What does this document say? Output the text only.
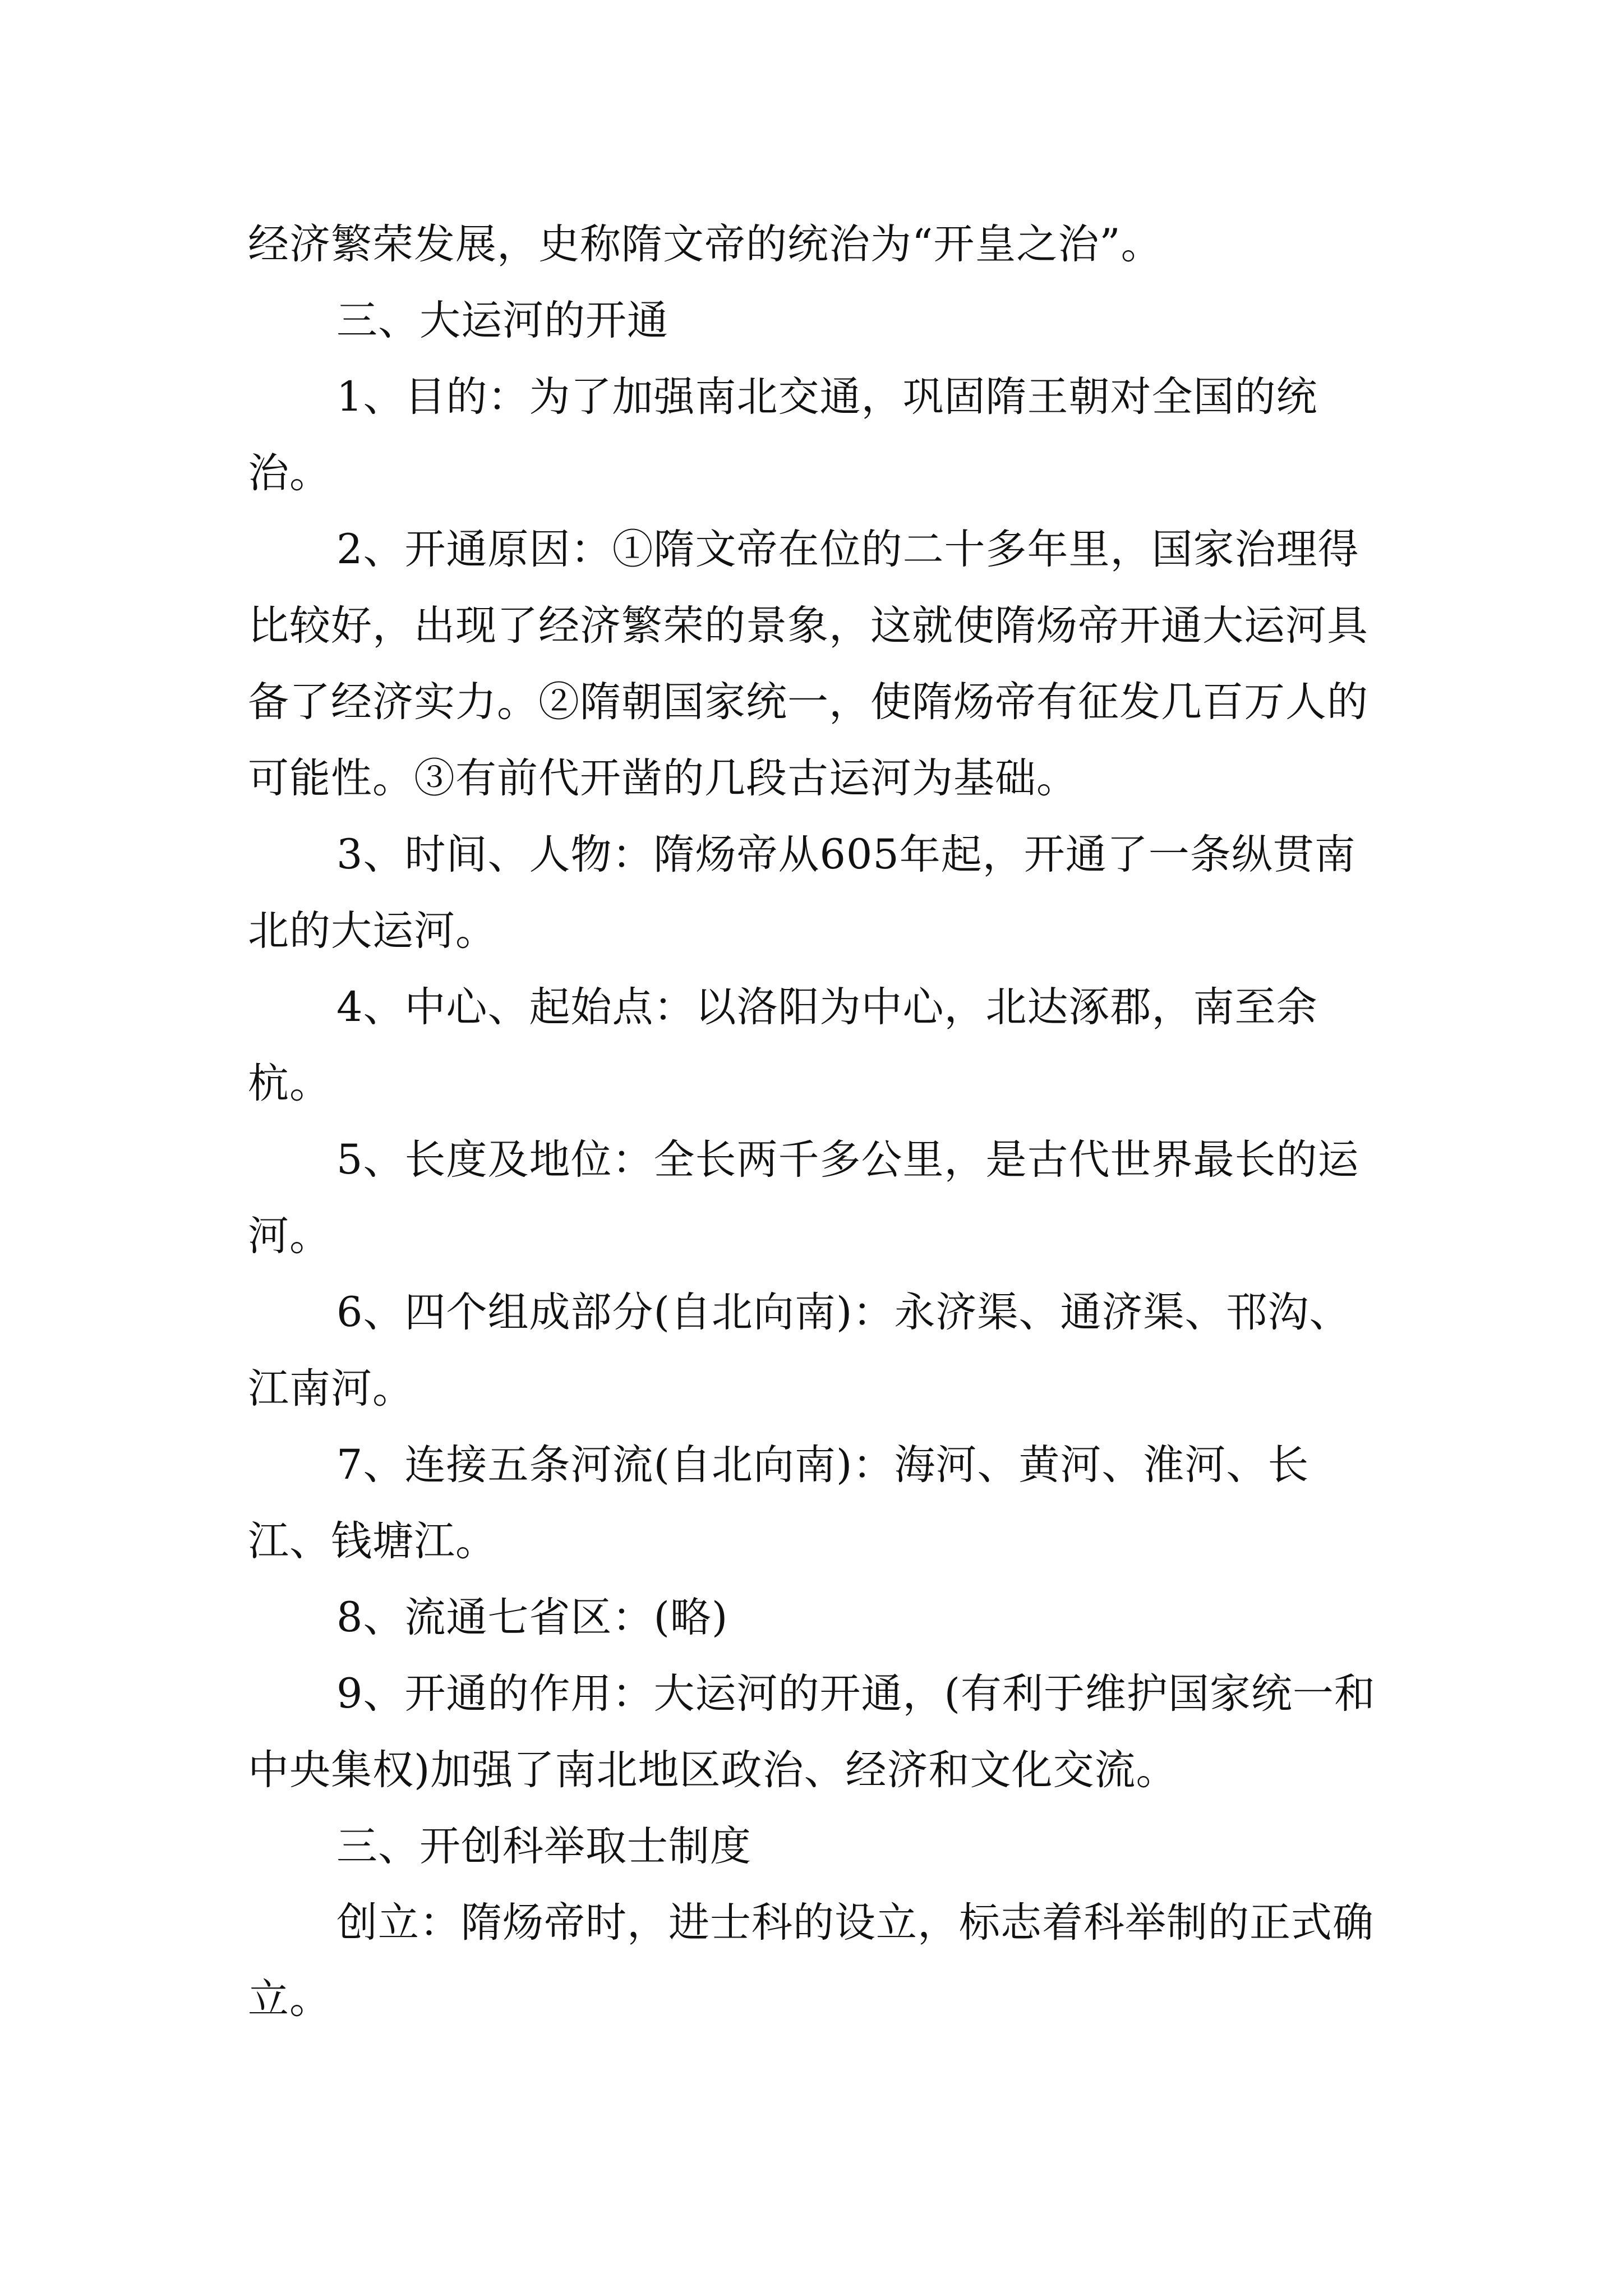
经济繁荣发展，史称隋文帝的统治为“开皇之治”。

三、大运河的开通

1、目的：为了加强南北交通，巩固隋王朝对全国的统治。

2、开通原因：①隋文帝在位的二十多年里，国家治理得比较好，出现了经济繁荣的景象，这就使隋炀帝开通大运河具备了经济实力。②隋朝国家统一，使隋炀帝有征发几百万人的可能性。③有前代开凿的几段古运河为基础。

3、时间、人物：隋炀帝从605年起，开通了一条纵贯南北的大运河。

4、中心、起始点：以洛阳为中心，北达涿郡，南至余杭。

5、长度及地位：全长两千多公里，是古代世界最长的运河。

6、四个组成部分(自北向南)：永济渠、通济渠、邗沟、江南河。

7、连接五条河流(自北向南)：海河、黄河、淮河、长江、钱塘江。

8、流通七省区：(略)

9、开通的作用：大运河的开通，(有利于维护国家统一和中央集权)加强了南北地区政治、经济和文化交流。

三、开创科举取士制度

创立：隋炀帝时，进士科的设立，标志着科举制的正式确立。
